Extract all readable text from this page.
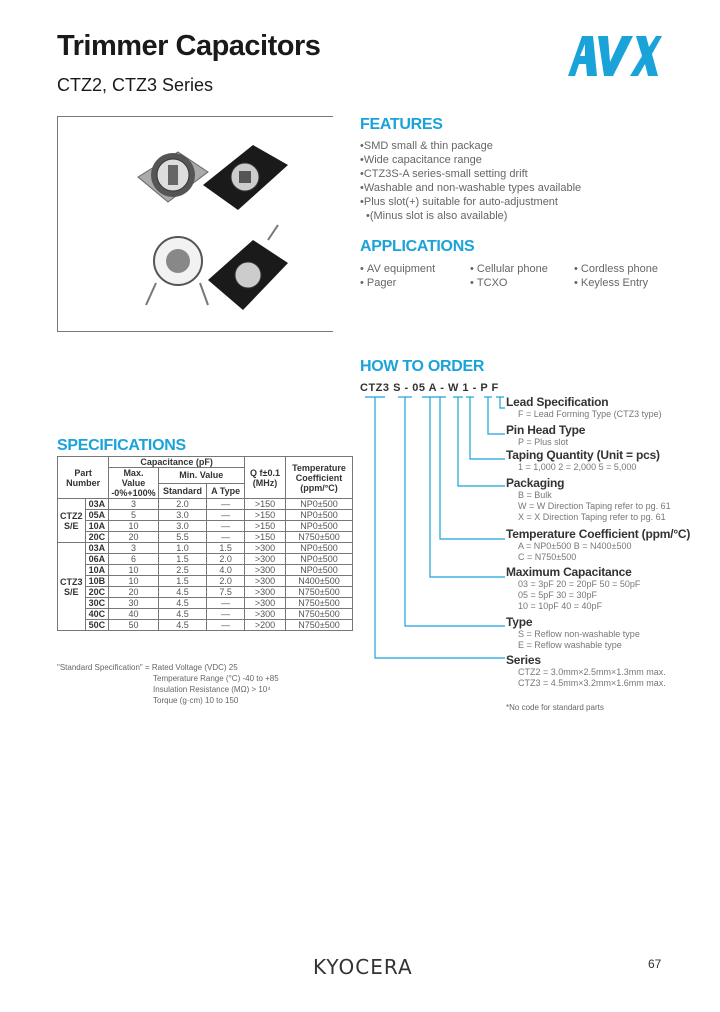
Trimmer Capacitors
CTZ2, CTZ3 Series
FEATURES
• SMD small & thin package
• Wide capacitance range
• CTZ3S-A series-small setting drift
• Washable and non-washable types available
• Plus slot(+) suitable for auto-adjustment
• (Minus slot is also available)
APPLICATIONS
• AV equipment	• Cellular phone • Cordless phone
• Pager	• TCXO	• Keyless Entry
SPECIFICATIONS
Part Number		Capacitance (pF)			Q f±0.1 (MHz)	Temperature Coefficient (ppm/°C)
		Max. Value -0%+100%	Min. Value			
			Standard	A Type		
CTZ2 S/E	03A	3	2.0	—	>150	NP0±500
	05A	5	3.0	—	>150	NP0±500
	10A	10	3.0	—	>150	NP0±500
	20C	20	5.5	—	>150	N750±500
CTZ3 S/E	03A	3	1.0	1.5	>300	NP0±500
	06A	6	1.5	2.0	>300	NP0±500
	10A	10	2.5	4.0	>300	NP0±500
	10B	10	1.5	2.0	>300	N400±500
	20C	20	4.5	7.5	>300	N750±500
	30C	30	4.5	—	>300	N750±500
	40C	40	4.5	—	>300	N750±500
	50C	50	4.5	—	>200	N750±500
"Standard Specification" = Rated Voltage (VDC) 25
Temperature Range (°C) -40 to +85
Insulation Resistance (MΩ) > 10⁴
Torque (g·cm) 10 to 150
HOW TO ORDER
CTZ3 S - 05 A - W 1 - P F
Lead Specification
F = Lead Forming Type (CTZ3 type)
Pin Head Type
P = Plus slot
Taping Quantity (Unit = pcs)
1 = 1,000 2 = 2,000 5 = 5,000
Packaging
B = Bulk
W = W Direction Taping refer to pg. 61
X = X Direction Taping refer to pg. 61
Temperature Coefficient (ppm/°C)
A = NP0±500 B = N400±500
C = N750±500
Maximum Capacitance
03 = 3pF 20 = 20pF 50 = 50pF
05 = 5pF 30 = 30pF
10 = 10pF 40 = 40pF
Type
S = Reflow non-washable type
E = Reflow washable type
Series
CTZ2 = 3.0mm×2.5mm×1.3mm max.
CTZ3 = 4.5mm×3.2mm×1.6mm max.
*No code for standard parts
KYOCERA	67
